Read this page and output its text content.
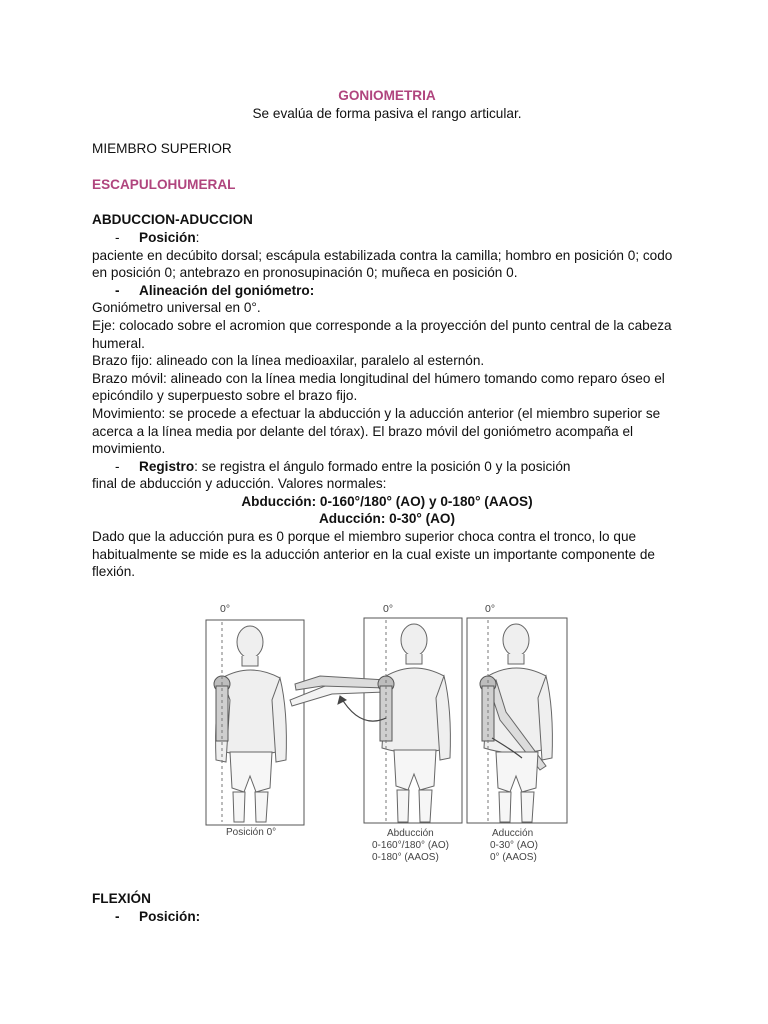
GONIOMETRIA

Se evalúa de forma pasiva el rango articular.

MIEMBRO SUPERIOR

ESCAPULOHUMERAL

ABDUCCION-ADUCCION

- Posición:

paciente en decúbito dorsal; escápula estabilizada contra la camilla; hombro en posición 0; codo en posición 0; antebrazo en pronosupinación 0; muñeca en posición 0.

- Alineación del goniómetro:

Goniómetro universal en 0°.

Eje: colocado sobre el acromion que corresponde a la proyección del punto central de la cabeza humeral.

Brazo fijo: alineado con la línea medioaxilar, paralelo al esternón.

Brazo móvil: alineado con la línea media longitudinal del húmero tomando como reparo óseo el epicóndilo y superpuesto sobre el brazo fijo.

Movimiento: se procede a efectuar la abducción y la aducción anterior (el miembro superior se acerca a la línea media por delante del tórax). El brazo móvil del goniómetro acompaña el movimiento.

- Registro: se registra el ángulo formado entre la posición 0 y la posición

final de abducción y aducción. Valores normales:

Abducción: 0-160°/180° (AO) y 0-180° (AAOS)

Aducción: 0-30° (AO)

Dado que la aducción pura es 0 porque el miembro superior choca contra el tronco, lo que habitualmente se mide es la aducción anterior en la cual existe un importante componente de flexión.

0°	0°	0°
Posición 0°	Abducción
0-160°/180° (AO)
0-180° (AAOS)
Aducción
0-30° (AO)
0° (AAOS)

FLEXIÓN

- Posición:
